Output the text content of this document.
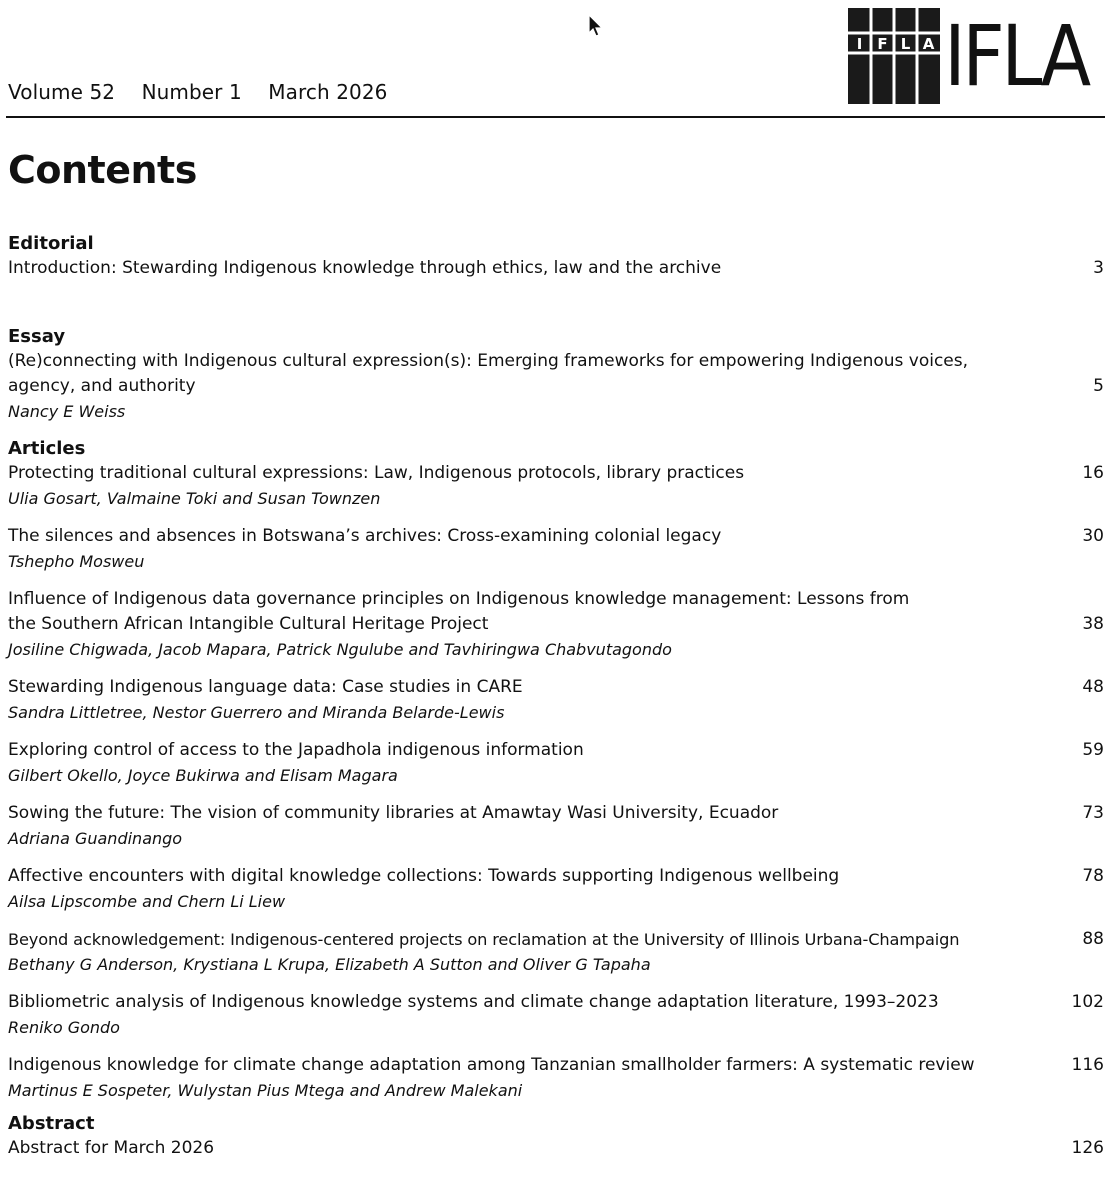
Volume 52 Number 1 March 2026
I F L A IFLA
Contents
Editorial
Introduction: Stewarding Indigenous knowledge through ethics, law and the archive	3
Essay
(Re)connecting with Indigenous cultural expression(s): Emerging frameworks for empowering Indigenous voices, agency, and authority	5
Nancy E Weiss
Articles
Protecting traditional cultural expressions: Law, Indigenous protocols, library practices	16
Ulia Gosart, Valmaine Toki and Susan Townzen
The silences and absences in Botswana’s archives: Cross-examining colonial legacy	30
Tshepho Mosweu
Influence of Indigenous data governance principles on Indigenous knowledge management: Lessons from the Southern African Intangible Cultural Heritage Project	38
Josiline Chigwada, Jacob Mapara, Patrick Ngulube and Tavhiringwa Chabvutagondo
Stewarding Indigenous language data: Case studies in CARE	48
Sandra Littletree, Nestor Guerrero and Miranda Belarde-Lewis
Exploring control of access to the Japadhola indigenous information	59
Gilbert Okello, Joyce Bukirwa and Elisam Magara
Sowing the future: The vision of community libraries at Amawtay Wasi University, Ecuador	73
Adriana Guandinango
Affective encounters with digital knowledge collections: Towards supporting Indigenous wellbeing	78
Ailsa Lipscombe and Chern Li Liew
Beyond acknowledgement: Indigenous-centered projects on reclamation at the University of Illinois Urbana-Champaign	88
Bethany G Anderson, Krystiana L Krupa, Elizabeth A Sutton and Oliver G Tapaha
Bibliometric analysis of Indigenous knowledge systems and climate change adaptation literature, 1993–2023	102
Reniko Gondo
Indigenous knowledge for climate change adaptation among Tanzanian smallholder farmers: A systematic review	116
Martinus E Sospeter, Wulystan Pius Mtega and Andrew Malekani
Abstract
Abstract for March 2026	126
